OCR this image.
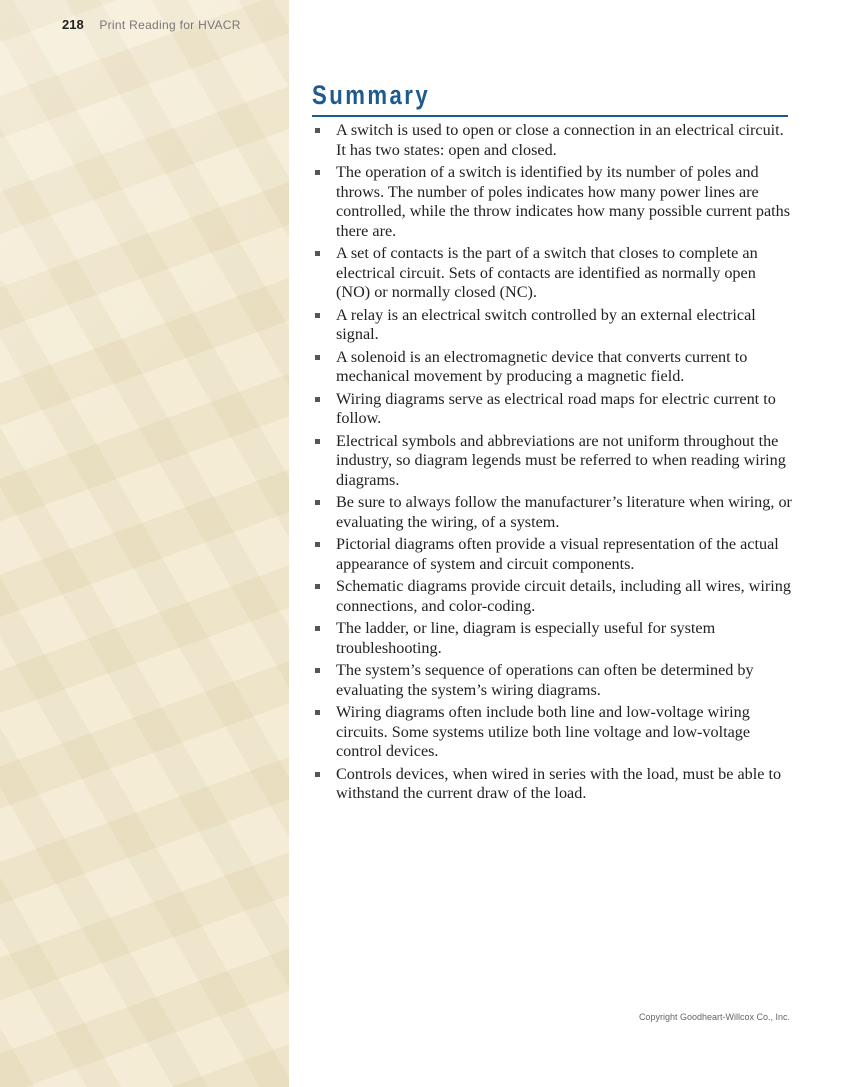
218 Print Reading for HVACR
Summary
A switch is used to open or close a connection in an electrical circuit. It has two states: open and closed.
The operation of a switch is identified by its number of poles and throws. The number of poles indicates how many power lines are controlled, while the throw indicates how many possible current paths there are.
A set of contacts is the part of a switch that closes to complete an electrical circuit. Sets of contacts are identified as normally open (NO) or normally closed (NC).
A relay is an electrical switch controlled by an external electrical signal.
A solenoid is an electromagnetic device that converts current to mechanical movement by producing a magnetic field.
Wiring diagrams serve as electrical road maps for electric current to follow.
Electrical symbols and abbreviations are not uniform throughout the industry, so diagram legends must be referred to when reading wiring diagrams.
Be sure to always follow the manufacturer’s literature when wiring, or evaluating the wiring, of a system.
Pictorial diagrams often provide a visual representation of the actual appearance of system and circuit components.
Schematic diagrams provide circuit details, including all wires, wiring connections, and color-coding.
The ladder, or line, diagram is especially useful for system troubleshooting.
The system’s sequence of operations can often be determined by evaluating the system’s wiring diagrams.
Wiring diagrams often include both line and low-voltage wiring circuits. Some systems utilize both line voltage and low-voltage control devices.
Controls devices, when wired in series with the load, must be able to withstand the current draw of the load.
Copyright Goodheart-Willcox Co., Inc.
